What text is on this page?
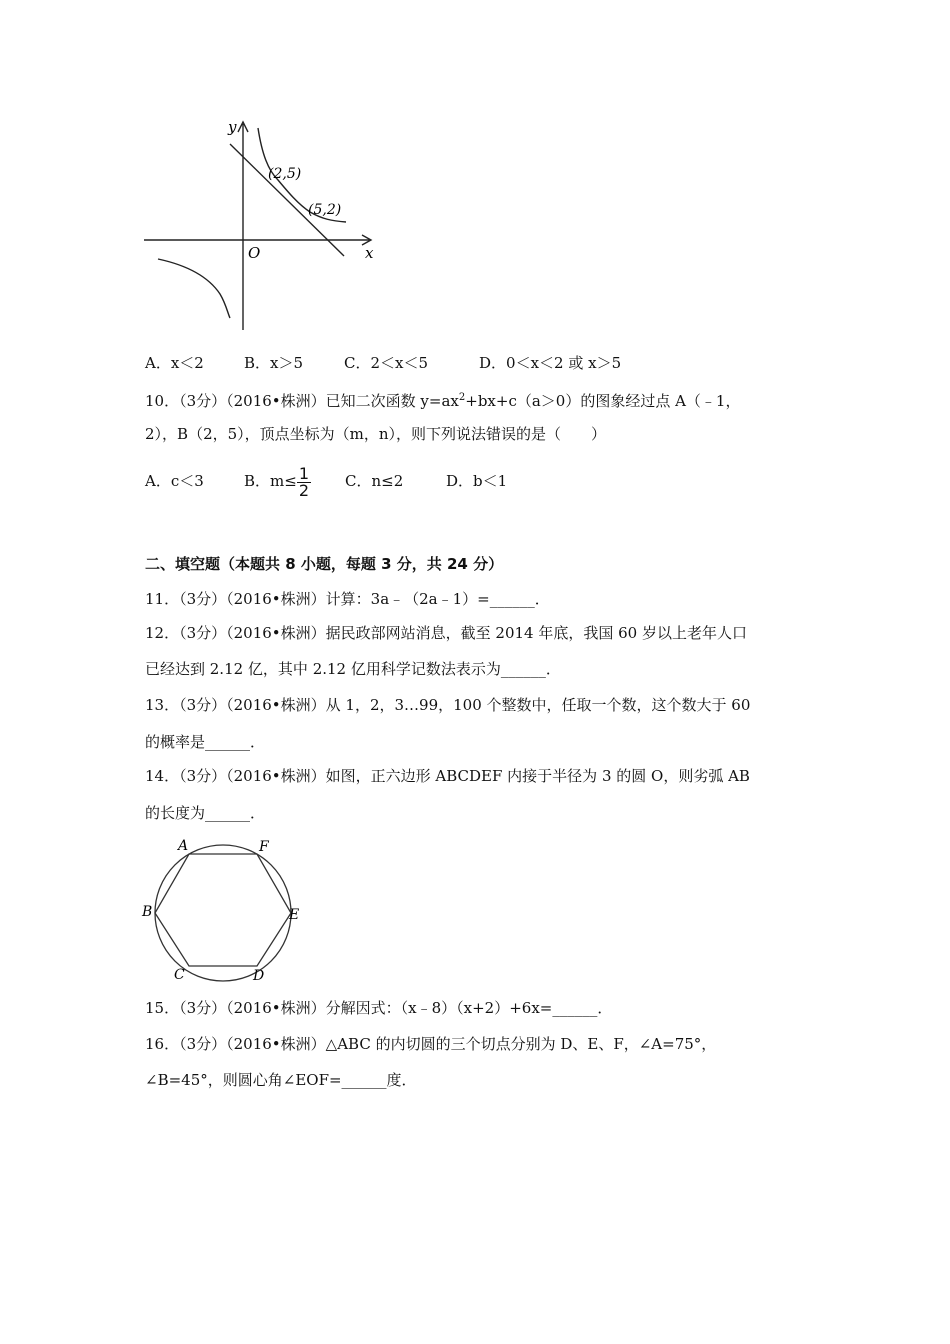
y
x
O
(2,5)
(5,2)
A．x＜2	B．x＞5	C．2＜x＜5	D．0＜x＜2 或 x＞5
10．（3分）（2016•株洲）已知二次函数 $y=ax^2+bx+c(a>0)$的图象经过点 A（﹣1，
2），B（2，5），顶点坐标为（m，n），则下列说法错误的是（　　）
A．c＜3	B．$m\le \frac{1}{2}$ C．n≤2	D．b＜1
二、填空题（本题共 8 小题，每题 3 分，共 24 分）
11．（3分）（2016•株洲）计算：3a﹣（2a﹣1）=______．
12．（3分）（2016•株洲）据民政部网站消息，截至 2014 年底，我国 60 岁以上老年人口
已经达到 2.12 亿，其中 2.12 亿用科学记数法表示为______．
13．（3分）（2016•株洲）从 1，2，3…99，100 个整数中，任取一个数，这个数大于 60
的概率是______．
14．（3分）（2016•株洲）如图，正六边形 ABCDEF 内接于半径为 3 的圆 O，则劣弧 AB
的长度为______．
A	F
B	E
C	D
15．（3分）（2016•株洲）分解因式：（x﹣8）（x+2）+6x=______．
16．（3分）（2016•株洲）△ABC 的内切圆的三个切点分别为 D、E、F，∠A=75°，
∠B=45°，则圆心角∠EOF=______度．
